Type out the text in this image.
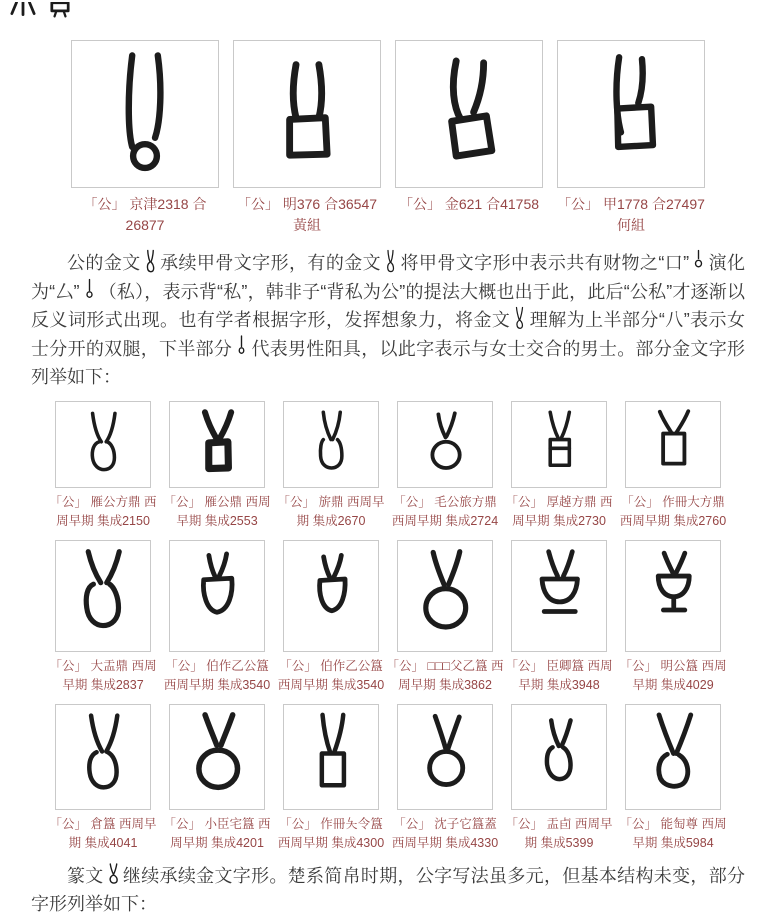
「公」 京津2318 合26877
「公」 明376 合36547 黃組
「公」 金621 合41758 「公」 甲1778 合27497 何組

公的金文 承续甲骨文字形，有的金文 将甲骨文字形中表示共有财物之“口” 演化为“厶” （私），表示背“私”，韩非子“背私为公”的提法大概也出于此，此后“公私”才逐渐以反义词形式出现。也有学者根据字形，发挥想象力，将金文 理解为上半部分“八”表示女士分开的双腿，下半部分 代表男性阳具，以此字表示与女士交合的男士。部分金文字形列举如下：

「公」 雁公方鼎 西周早期 集成2150
「公」 雁公鼎 西周早期 集成2553
「公」 旂鼎 西周早期 集成2670
「公」 毛公旅方鼎 西周早期 集成2724
「公」 厚趠方鼎 西周早期 集成2730
「公」 作冊大方鼎 西周早期 集成2760
「公」 大盂鼎 西周早期 集成2837
「公」 伯作乙公簋 西周早期 集成3540
「公」 伯作乙公簋 西周早期 集成3540
「公」 □□□父乙簋 西周早期 集成3862
「公」 臣卿簋 西周早期 集成3948
「公」 明公簋 西周早期 集成4029
「公」 倉簋 西周早期 集成4041
「公」 小臣宅簋 西周早期 集成4201
「公」 作冊夨令簋 西周早期 集成4300
「公」 沈子它簋蓋 西周早期 集成4330
「公」 盂卣 西周早期 集成5399
「公」 能匋尊 西周早期 集成5984

篆文 继续承续金文字形。楚系简帛时期，公字写法虽多元，但基本结构未变，部分字形列举如下：
